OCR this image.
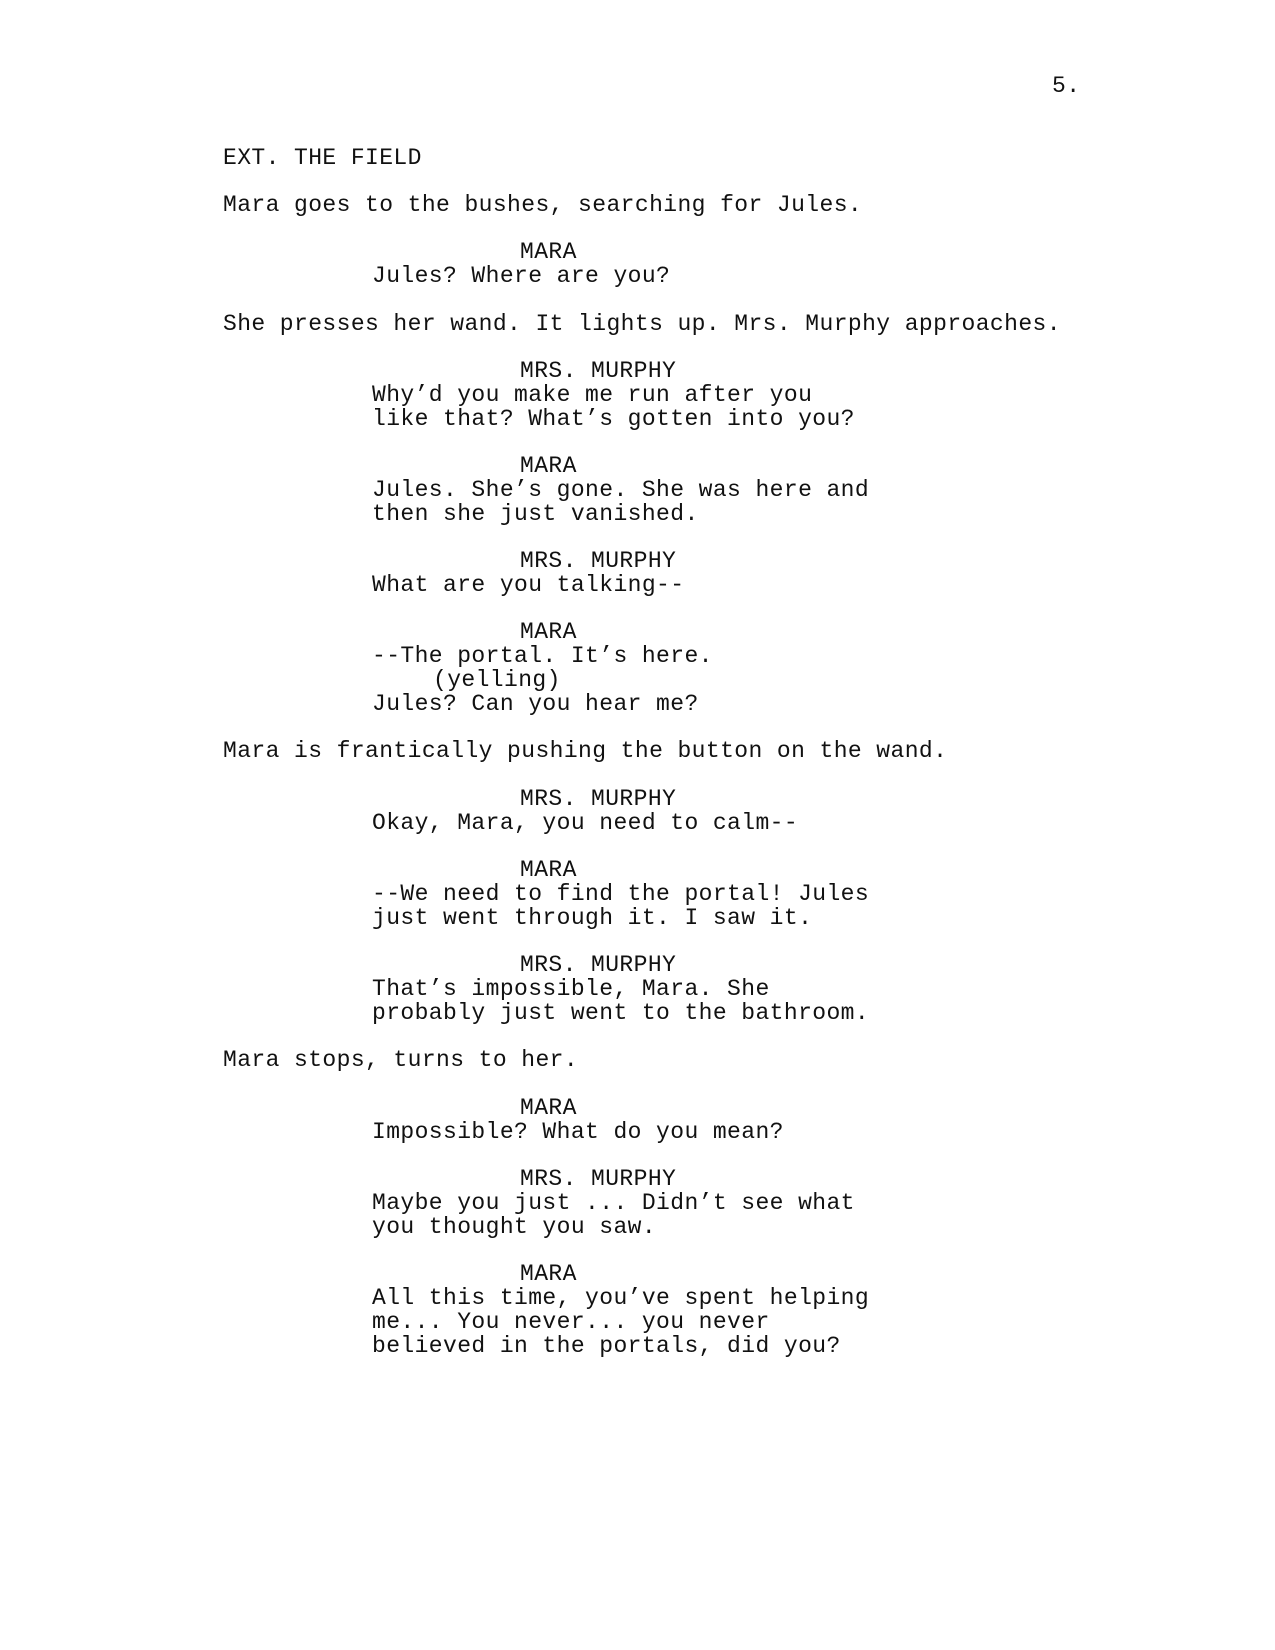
5.
EXT. THE FIELD
Mara goes to the bushes, searching for Jules.
MARA
Jules? Where are you?
She presses her wand. It lights up. Mrs. Murphy approaches.
MRS. MURPHY
Why’d you make me run after you
like that? What’s gotten into you?
MARA
Jules. She’s gone. She was here and
then she just vanished.
MRS. MURPHY
What are you talking--
MARA
--The portal. It’s here.
(yelling)
Jules? Can you hear me?
Mara is frantically pushing the button on the wand.
MRS. MURPHY
Okay, Mara, you need to calm--
MARA
--We need to find the portal! Jules
just went through it. I saw it.
MRS. MURPHY
That’s impossible, Mara. She
probably just went to the bathroom.
Mara stops, turns to her.
MARA
Impossible? What do you mean?
MRS. MURPHY
Maybe you just ... Didn’t see what
you thought you saw.
MARA
All this time, you’ve spent helping
me... You never... you never
believed in the portals, did you?
